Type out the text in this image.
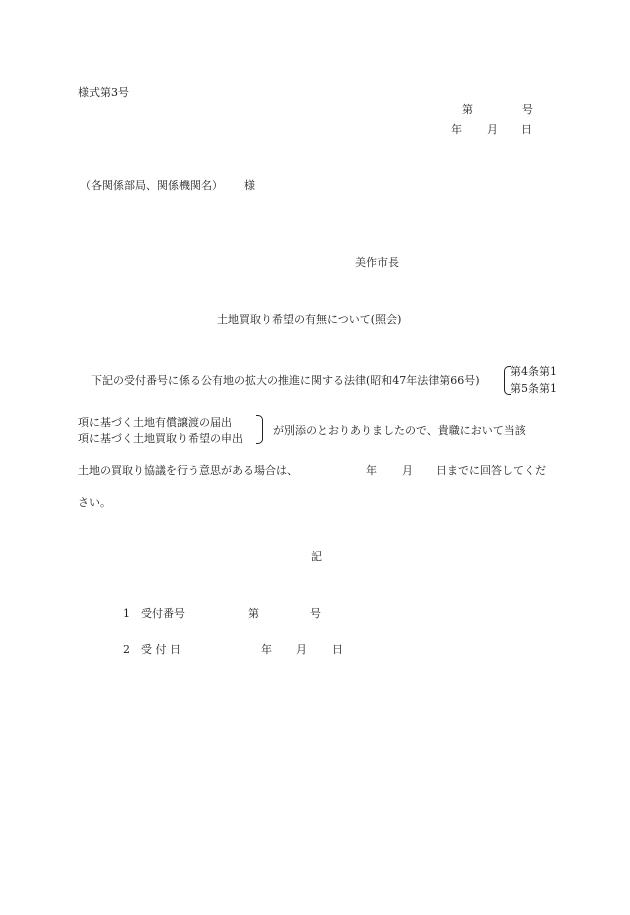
様式第3号
第	号
年 月 日
（各関係部局、関係機関名） 様
美作市長
土地買取り希望の有無について(照会)
下記の受付番号に係る公有地の拡大の推進に関する法律(昭和47年法律第66号)
第4条第1
第5条第1
項に基づく土地有償譲渡の届出
項に基づく土地買取り希望の申出
が別添のとおりありましたので、貴職において当該
土地の買取り協議を行う意思がある場合は、	年 月 日までに回答してくだ
さい。
記
1 受付番号	第	号
2 受 付 日	年 月 日
